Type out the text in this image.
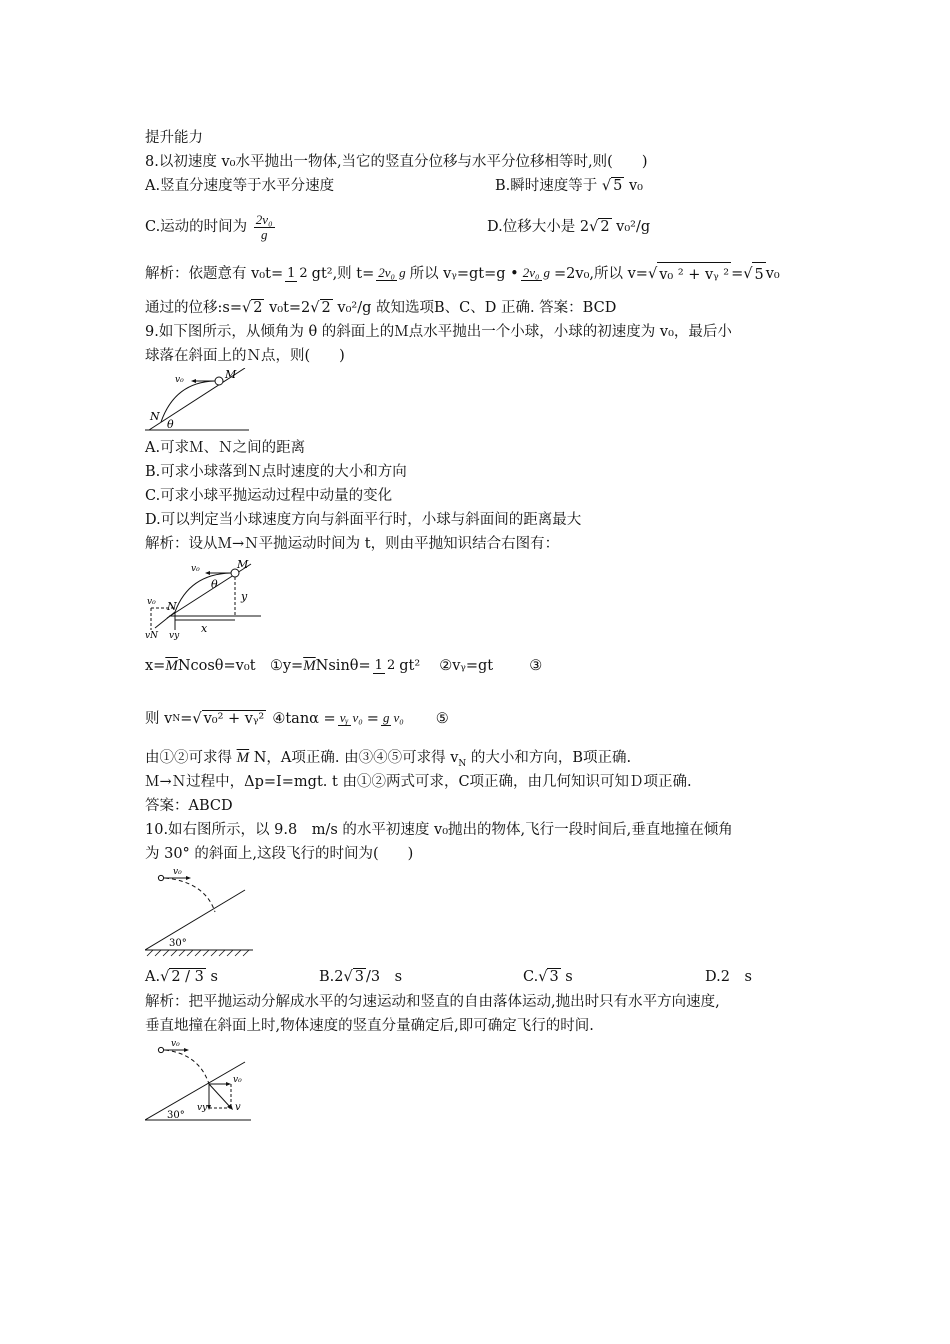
提升能力
8.以初速度 v₀水平抛出一物体,当它的竖直分位移与水平分位移相等时,则(　　)
A.竖直分速度等于水平分速度	B.瞬时速度等于 √ 5 v₀
C.运动的时间为 $\frac{\text{2v₀}}{g}$	D.位移大小是 2√ 2 v₀²/g
解析：依题意有 v₀t= 1 2 gt²,则 t= 2v₀ g 所以 vᵧ=gt=g • 2v₀ g =2v₀,所以 v= √ v₀ ² + vᵧ ² = √ 5 v₀
通过的位移:s=√ 2 v₀t=2√ 2 v₀²/g 故知选项B、C、D 正确. 答案：BCD
9.如下图所示，从倾角为 θ 的斜面上的Ｍ点水平抛出一个小球，小球的初速度为 v₀，最后小
球落在斜面上的Ｎ点，则(　　)
v₀	M
N
θ
A.可求Ｍ、Ｎ之间的距离
B.可求小球落到Ｎ点时速度的大小和方向
C.可求小球平抛运动过程中动量的变化
D.可以判定当小球速度方向与斜面平行时，小球与斜面间的距离最大
解析：设从Ｍ→Ｎ平抛运动时间为 t，则由平抛知识结合右图有：
v₀	M
θ
y
N
v₀
x
vN vy
$x= \overline{M}$ Ncosθ=v₀t ①y= $\overline{M}$ Nsinθ= 1 2 gt²	②vᵧ=gt	③
则 v N = √ v₀² + vᵧ² ④tanα = vᵧ v₀ = g v₀ ⑤
由①②可求得 $\overline{M}$ N，A项正确. 由③④⑤可求得 $v_N$ 的大小和方向，B项正确.
Ｍ→Ｎ过程中，Δp=I=mgt. t 由①②两式可求，C项正确，由几何知识可知Ｄ项正确.
答案：ABCD
10.如右图所示，以 9.8　m/s 的水平初速度 v₀抛出的物体,飞行一段时间后,垂直地撞在倾角
为 30° 的斜面上,这段飞行的时间为(　　)
v₀
30°
A.√ 2 / 3 s	B.2√ 3 /3　s	C.√ 3 s	D.2　s
解析：把平抛运动分解成水平的匀速运动和竖直的自由落体运动,抛出时只有水平方向速度,
垂直地撞在斜面上时,物体速度的竖直分量确定后,即可确定飞行的时间.
v₀
v₀
vy	v
30°
